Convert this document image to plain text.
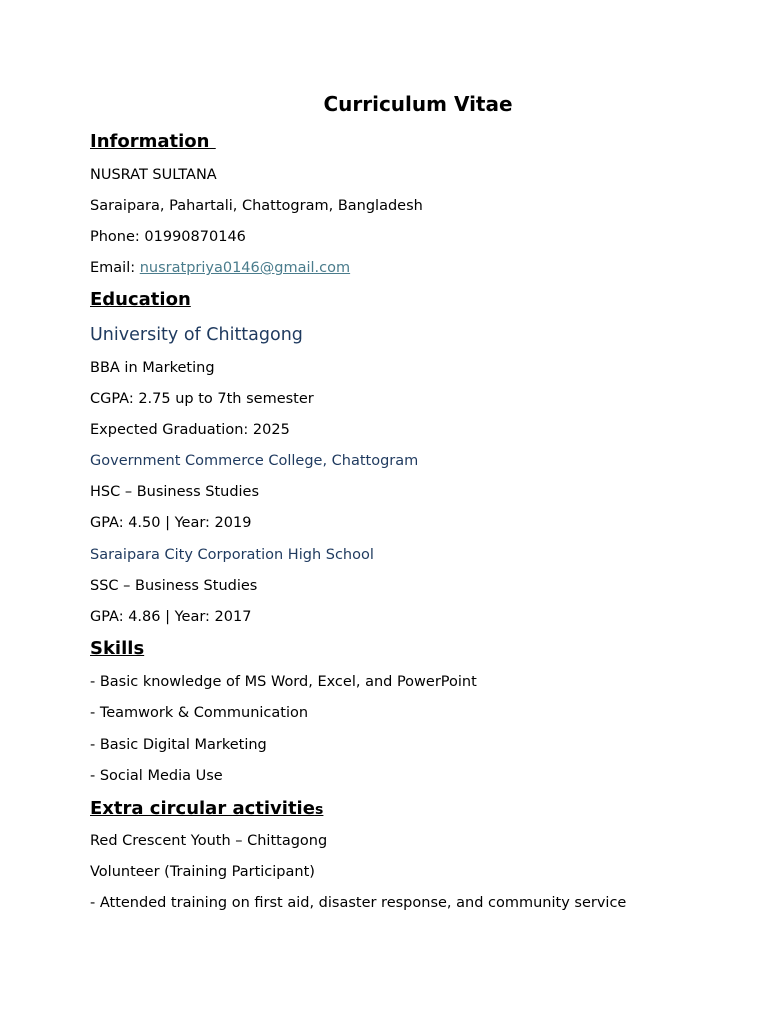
Curriculum Vitae
Information
NUSRAT SULTANA
Saraipara, Pahartali, Chattogram, Bangladesh
Phone: 01990870146
Email: nusratpriya0146@gmail.com
Education
University of Chittagong
BBA in Marketing
CGPA: 2.75 up to 7th semester
Expected Graduation: 2025
Government Commerce College, Chattogram
HSC – Business Studies
GPA: 4.50 | Year: 2019
Saraipara City Corporation High School
SSC – Business Studies
GPA: 4.86 | Year: 2017
Skills
- Basic knowledge of MS Word, Excel, and PowerPoint
- Teamwork & Communication
- Basic Digital Marketing
- Social Media Use
Extra circular activities
Red Crescent Youth – Chittagong
Volunteer (Training Participant)
- Attended training on first aid, disaster response, and community service
